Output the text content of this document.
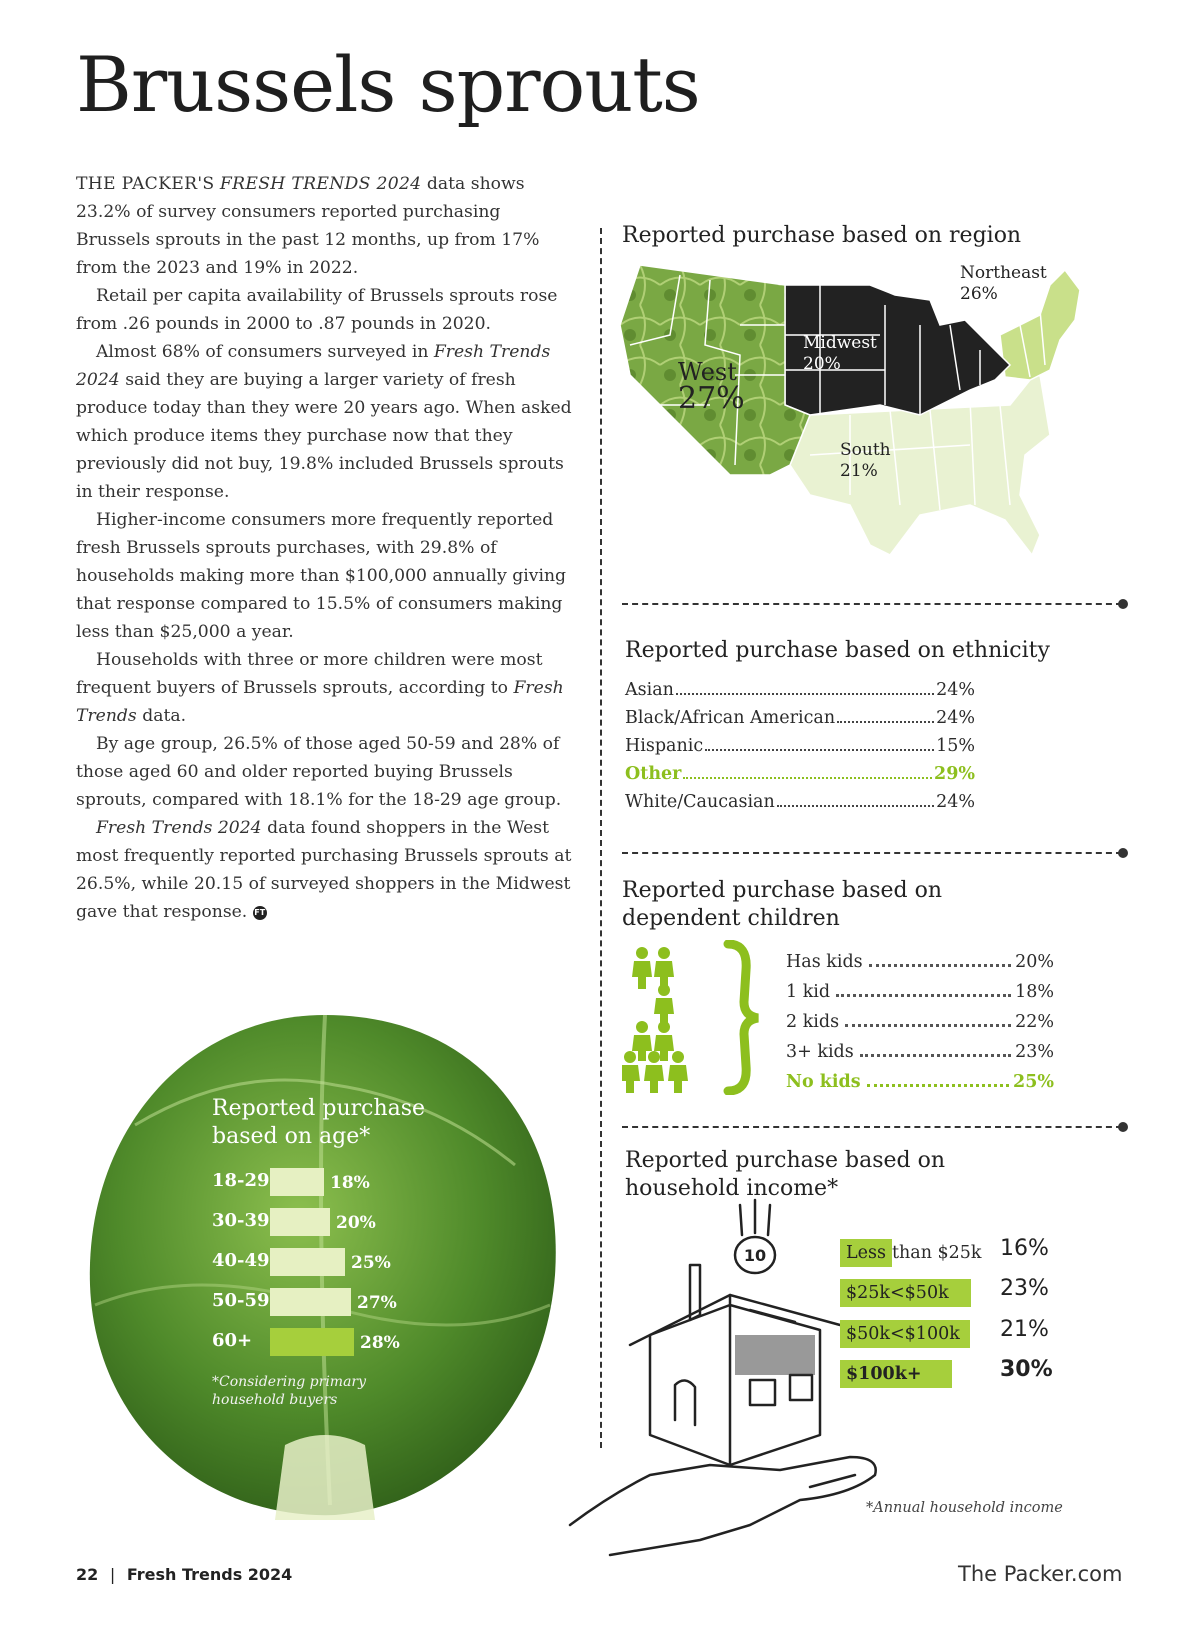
Brussels sprouts

THE PACKER'S FRESH TRENDS 2024 data shows 23.2% of survey consumers reported purchasing Brussels sprouts in the past 12 months, up from 17% from the 2023 and 19% in 2022.

Retail per capita availability of Brussels sprouts rose from .26 pounds in 2000 to .87 pounds in 2020.

Almost 68% of consumers surveyed in Fresh Trends 2024 said they are buying a larger variety of fresh produce today than they were 20 years ago. When asked which produce items they purchase now that they previously did not buy, 19.8% included Brussels sprouts in their response.

Higher-income consumers more frequently reported fresh Brussels sprouts purchases, with 29.8% of households making more than $100,000 annually giving that response compared to 15.5% of consumers making less than $25,000 a year.

Households with three or more children were most frequent buyers of Brussels sprouts, according to Fresh Trends data.

By age group, 26.5% of those aged 50-59 and 28% of those aged 60 and older reported buying Brussels sprouts, compared with 18.1% for the 18-29 age group.

Fresh Trends 2024 data found shoppers in the West most frequently reported purchasing Brussels sprouts at 26.5%, while 20.15 of surveyed shoppers in the Midwest gave that response. FT

Reported purchase based on region
West
27%
Midwest
20%
Northeast
26%
South
21%
Reported purchase based on ethnicity
Asian	24%
Black/African American	24%
Hispanic	15%
Other	29%
White/Caucasian	24%
Reported purchase based on
dependent children
Has kids	20%
1 kid	18%
2 kids	22%
3+ kids	23%
No kids	25%
Reported purchase based on
household income*
10	Less than $25k 16%
$25k<$50k	23%
$50k<$100k	21%
$100k+	30%
*Annual household income
Reported purchase
based on age*
18-29	18%
30-39	20%
40-49	25%
50-59	27%
60+	28%
*Considering primary
household buyers
22 | Fresh Trends 2024	The Packer.com
